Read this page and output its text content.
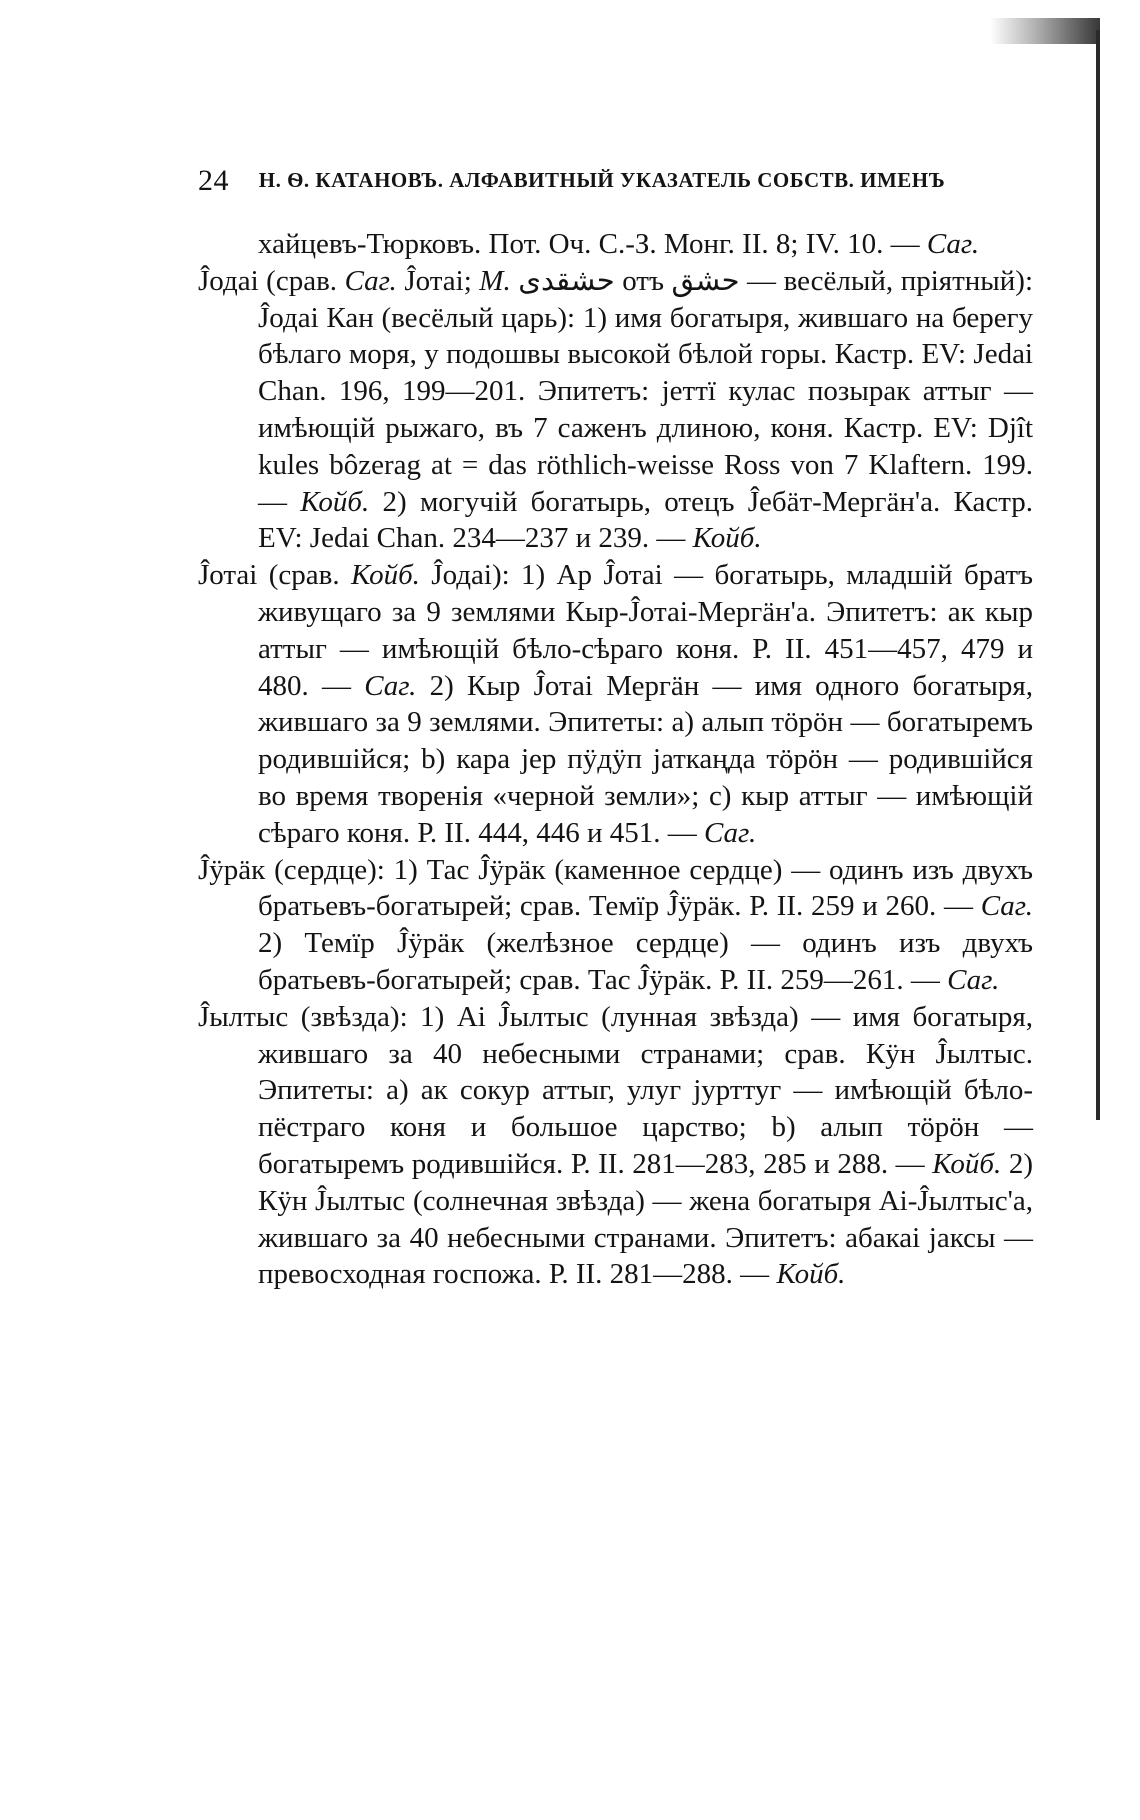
24 Н. Ѳ. КАТАНОВЪ. АЛФАВИТНЫЙ УКАЗАТЕЛЬ СОБСТВ. ИМЕНЪ

хайцевъ-Тюрковъ. Пот. Оч. С.-З. Монг. II. 8; IV. 10. — Саг.

Ĵодаі (срав. Саг. Ĵотаі; М. حشقدی отъ حشق — весёлый, пріятный): Ĵодаі Кан (весёлый царь): 1) имя богатыря, жившаго на берегу бѣлаго моря, у подошвы высокой бѣлой горы. Кастр. EV: Jedai Chan. 196, 199—201. Эпитетъ: јеттї кулас позырак аттыг — имѣющій рыжаго, въ 7 саженъ длиною, коня. Кастр. EV: Djît kules bôzerag at = das röthlich-weisse Ross von 7 Klaftern. 199. — Койб. 2) могучій богатырь, отецъ Ĵебäт-Мергäн'а. Кастр. EV: Jedai Chan. 234—237 и 239. — Койб.

Ĵотаі (срав. Койб. Ĵодаі): 1) Ар Ĵотаі — богатырь, младшій братъ живущаго за 9 землями Кыр-Ĵотаі-Мергäн'а. Эпитетъ: ак кыр аттыг — имѣющій бѣло-сѣраго коня. Р. II. 451—457, 479 и 480. — Саг. 2) Кыр Ĵотаі Мергäн — имя одного богатыря, жившаго за 9 землями. Эпитеты: а) алып тӧрӧн — богатыремъ родившійся; b) кара јер пӱдӱп јаткаңда тӧрӧн — родившійся во время творенія «черной земли»; c) кыр аттыг — имѣющій сѣраго коня. Р. II. 444, 446 и 451. — Саг.

Ĵӱрäк (сердце): 1) Тас Ĵӱрäк (каменное сердце) — одинъ изъ двухъ братьевъ-богатырей; срав. Темїр Ĵӱрäк. Р. II. 259 и 260. — Саг. 2) Темїр Ĵӱрäк (желѣзное сердце) — одинъ изъ двухъ братьевъ-богатырей; срав. Тас Ĵӱрäк. Р. II. 259—261. — Саг.

Ĵылтыс (звѣзда): 1) Аі Ĵылтыс (лунная звѣзда) — имя богатыря, жившаго за 40 небесными странами; срав. Кӱн Ĵылтыс. Эпитеты: а) ак сокур аттыг, улуг јурттуг — имѣющій бѣло-пёстраго коня и большое царство; b) алып тӧрӧн — богатыремъ родившійся. Р. II. 281—283, 285 и 288. — Койб. 2) Кӱн Ĵылтыс (солнечная звѣзда) — жена богатыря Аі-Ĵылтыс'а, жившаго за 40 небесными странами. Эпитетъ: абакаі јаксы — превосходная госпожа. Р. II. 281—288. — Койб.
